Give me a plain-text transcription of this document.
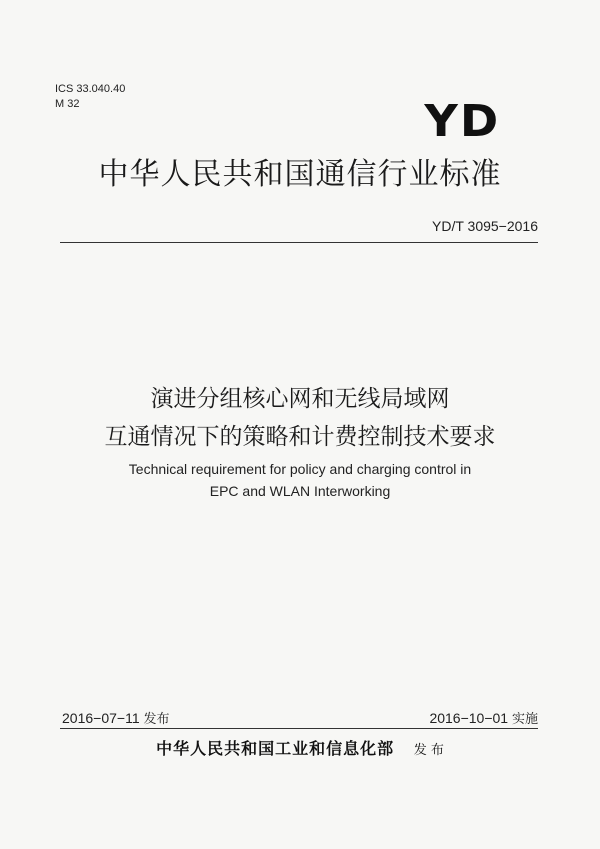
ICS 33.040.40
M 32	YD
中华人民共和国通信行业标准
YD/T 3095−2016
演进分组核心网和无线局域网
互通情况下的策略和计费控制技术要求
Technical requirement for policy and charging control in
EPC and WLAN Interworking
2016−07−11 发布	2016−10−01 实施
中华人民共和国工业和信息化部 发 布
